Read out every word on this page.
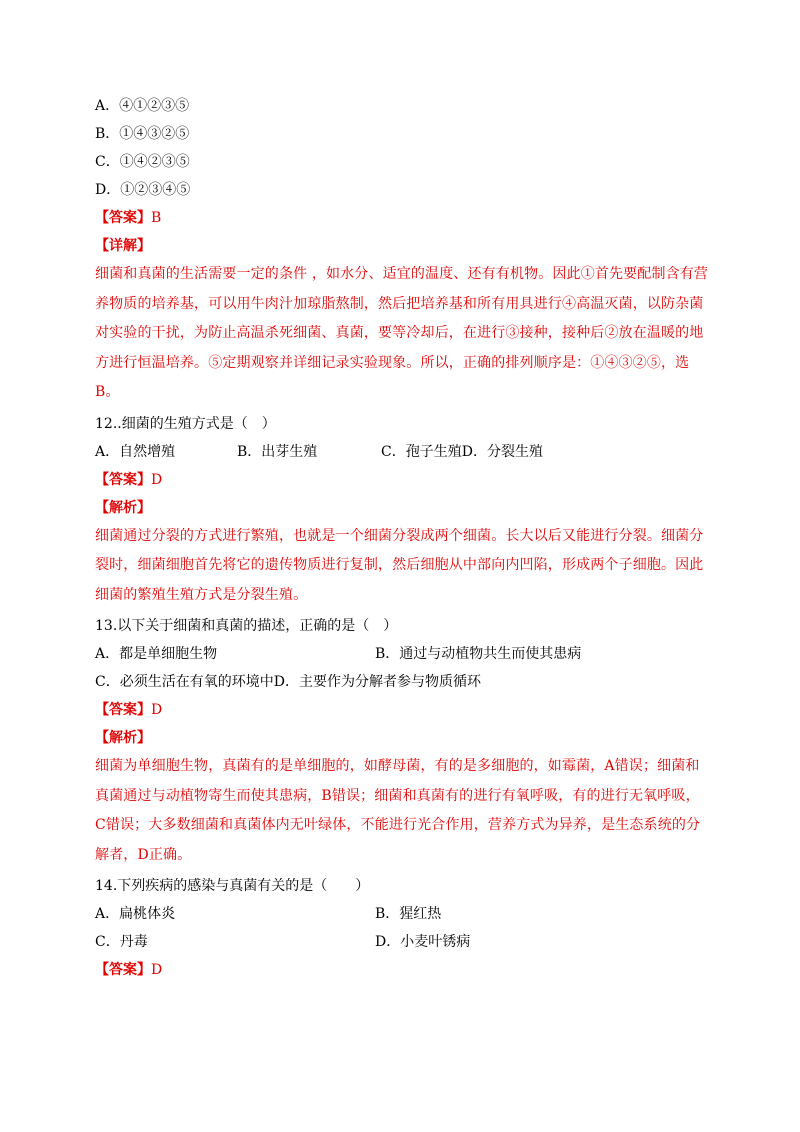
A．④①②③⑤
B．①④③②⑤
C．①④②③⑤
D．①②③④⑤
【答案】B
【详解】
细菌和真菌的生活需要一定的条件 ，如水分、适宜的温度、还有有机物。因此①首先要配制含有营养物质的培养基，可以用牛肉汁加琼脂熬制，然后把培养基和所有用具进行④高温灭菌，以防杂菌对实验的干扰，为防止高温杀死细菌、真菌，要等冷却后，在进行③接种，接种后②放在温暖的地方进行恒温培养。⑤定期观察并详细记录实验现象。所以，正确的排列顺序是：①④③②⑤，选B。
12..细菌的生殖方式是（　）
A．自然增殖	B．出芽生殖	C．孢子生殖 D．分裂生殖
【答案】D
【解析】
细菌通过分裂的方式进行繁殖，也就是一个细菌分裂成两个细菌。长大以后又能进行分裂。细菌分裂时，细菌细胞首先将它的遗传物质进行复制，然后细胞从中部向内凹陷，形成两个子细胞。因此细菌的繁殖生殖方式是分裂生殖。
13.以下关于细菌和真菌的描述，正确的是（　）
A．都是单细胞生物	B．通过与动植物共生而使其患病
C．必须生活在有氧的环境中D．主要作为分解者参与物质循环
【答案】D
【解析】
细菌为单细胞生物，真菌有的是单细胞的，如酵母菌，有的是多细胞的，如霉菌，A错误；细菌和真菌通过与动植物寄生而使其患病，B错误；细菌和真菌有的进行有氧呼吸，有的进行无氧呼吸，C错误；大多数细菌和真菌体内无叶绿体，不能进行光合作用，营养方式为异养，是生态系统的分解者，D正确。
14.下列疾病的感染与真菌有关的是（　　）
A．扁桃体炎	B．猩红热
C．丹毒	D．小麦叶锈病
【答案】D
